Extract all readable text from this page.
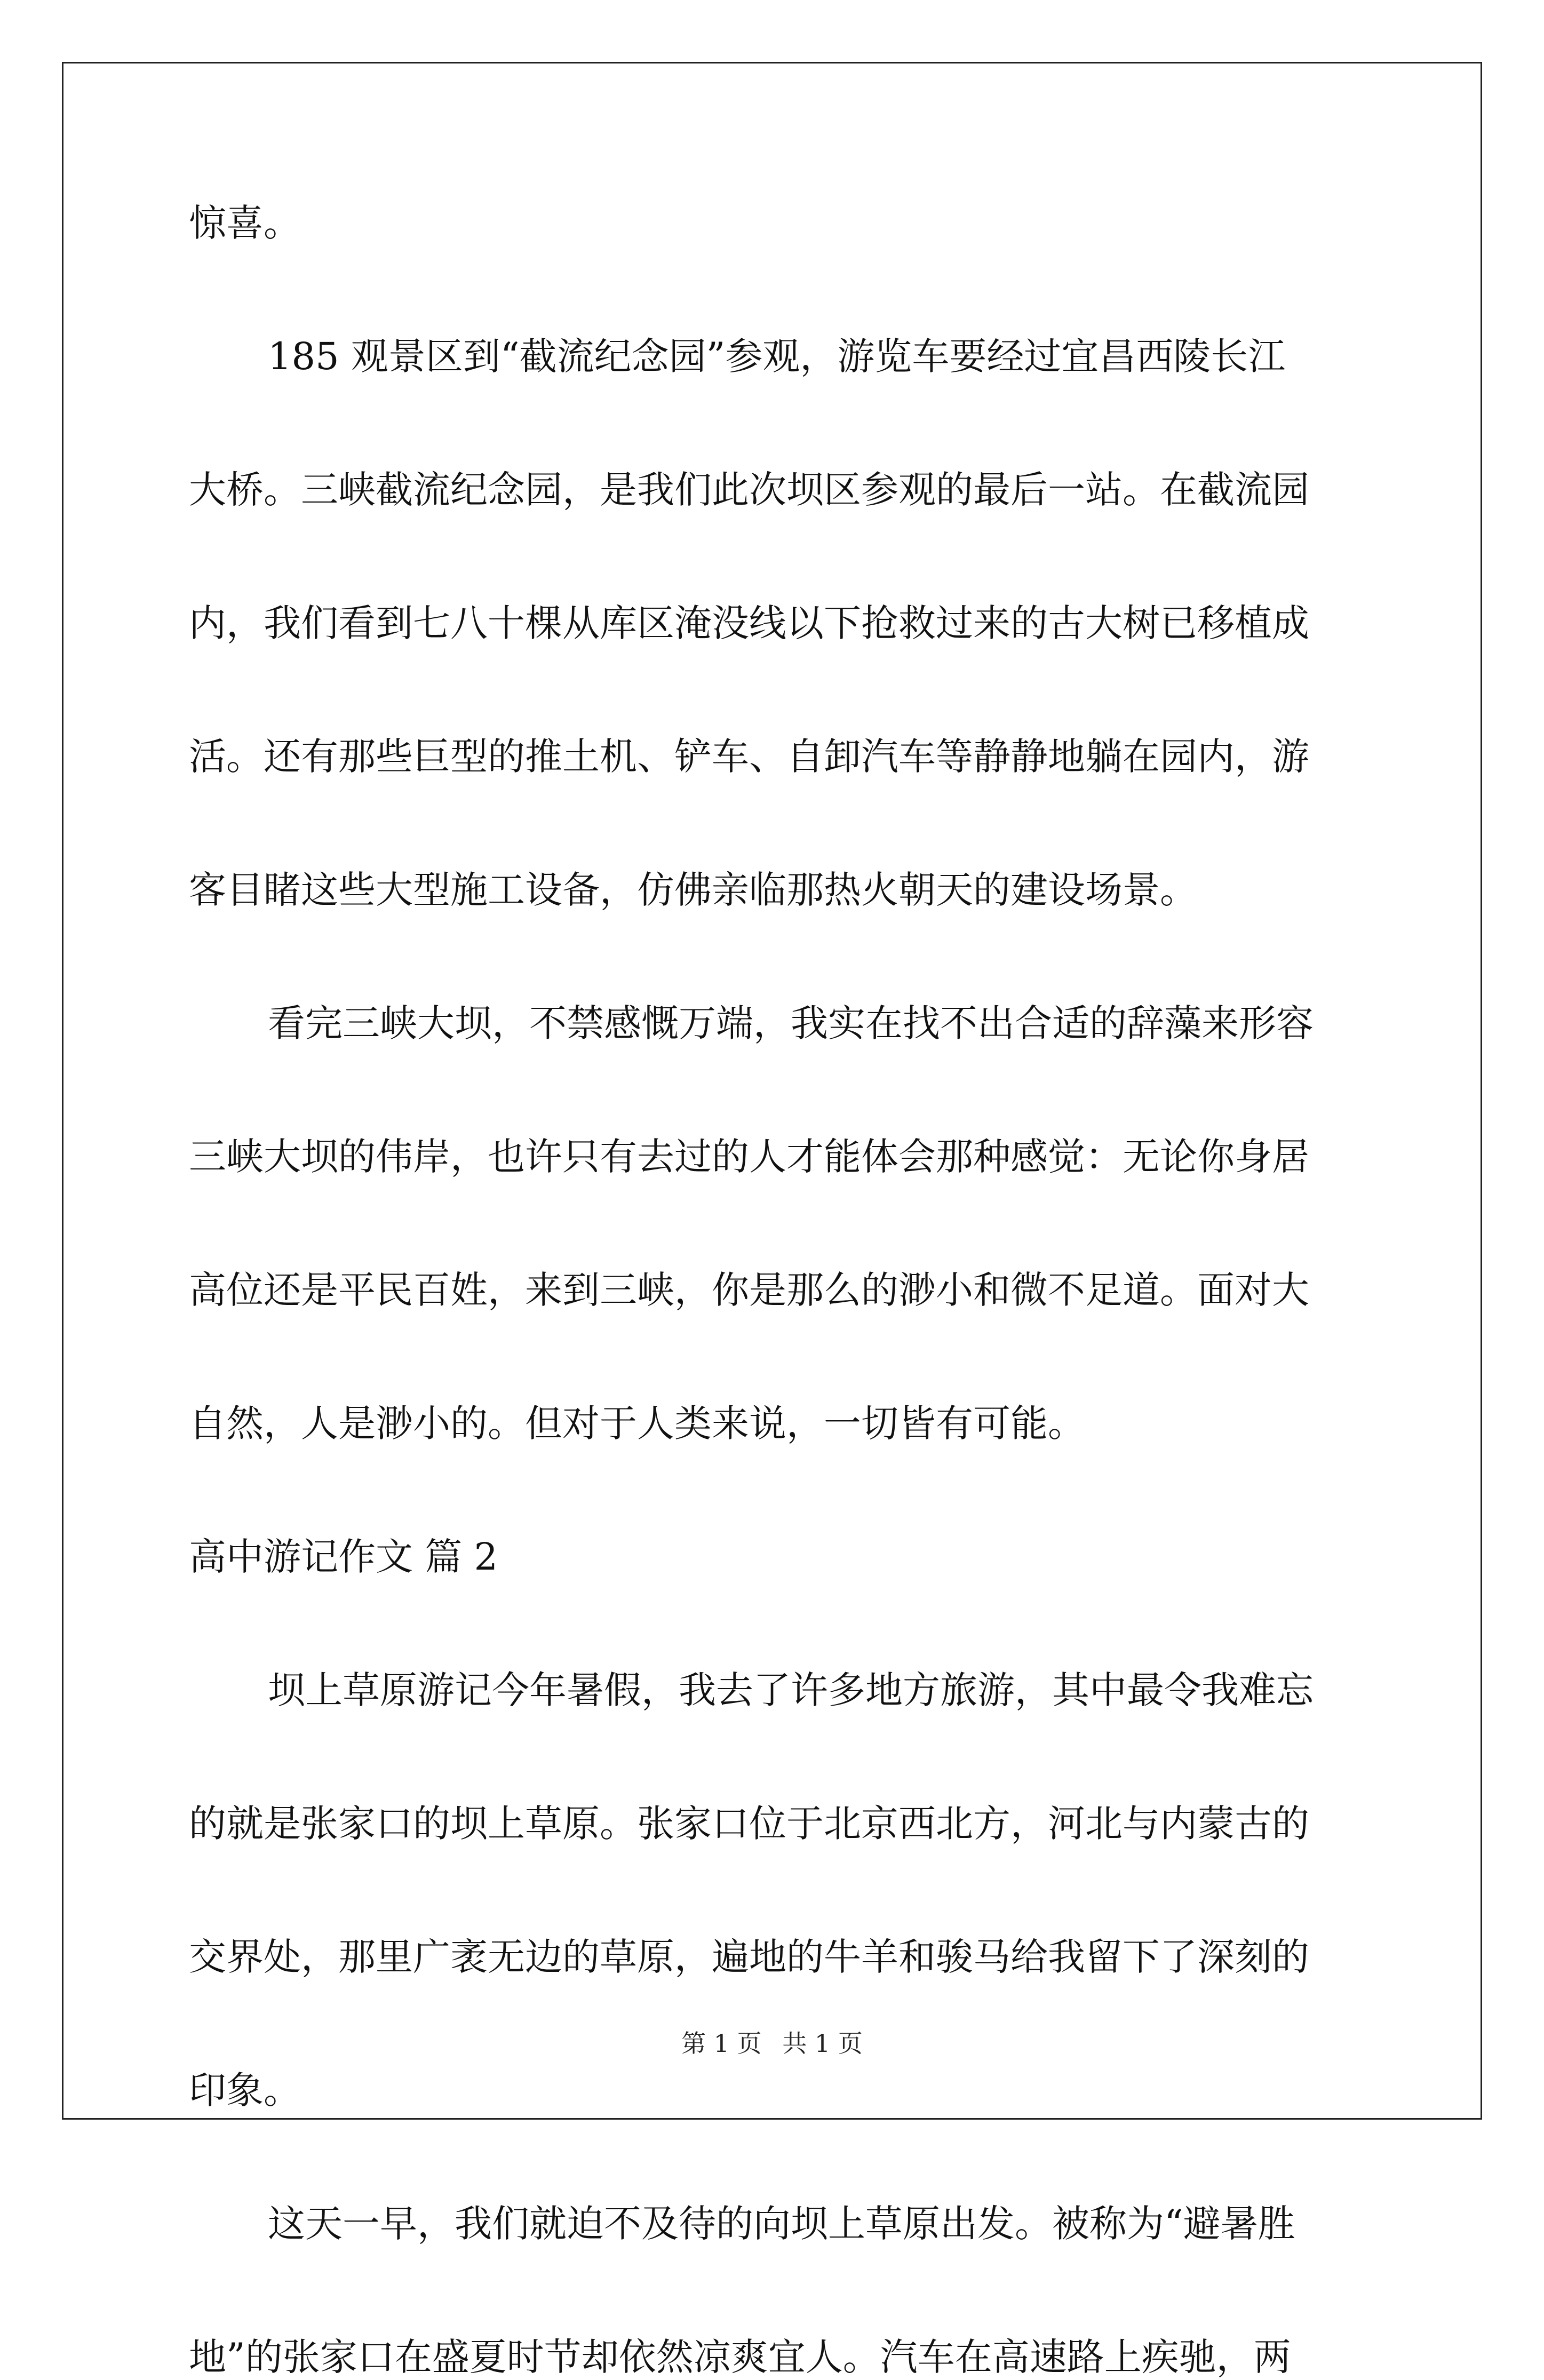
惊喜。
185 观景区到“截流纪念园”参观，游览车要经过宜昌西陵长江
大桥。三峡截流纪念园，是我们此次坝区参观的最后一站。在截流园
内，我们看到七八十棵从库区淹没线以下抢救过来的古大树已移植成
活。还有那些巨型的推土机、铲车、自卸汽车等静静地躺在园内，游
客目睹这些大型施工设备，仿佛亲临那热火朝天的建设场景。
看完三峡大坝，不禁感慨万端，我实在找不出合适的辞藻来形容
三峡大坝的伟岸，也许只有去过的人才能体会那种感觉：无论你身居
高位还是平民百姓，来到三峡，你是那么的渺小和微不足道。面对大
自然，人是渺小的。但对于人类来说，一切皆有可能。
高中游记作文 篇 2
坝上草原游记今年暑假，我去了许多地方旅游，其中最令我难忘
的就是张家口的坝上草原。张家口位于北京西北方，河北与内蒙古的
交界处，那里广袤无边的草原，遍地的牛羊和骏马给我留下了深刻的
印象。
这天一早，我们就迫不及待的向坝上草原出发。被称为“避暑胜
地”的张家口在盛夏时节却依然凉爽宜人。汽车在高速路上疾驰，两
第 1 页 共 1 页
